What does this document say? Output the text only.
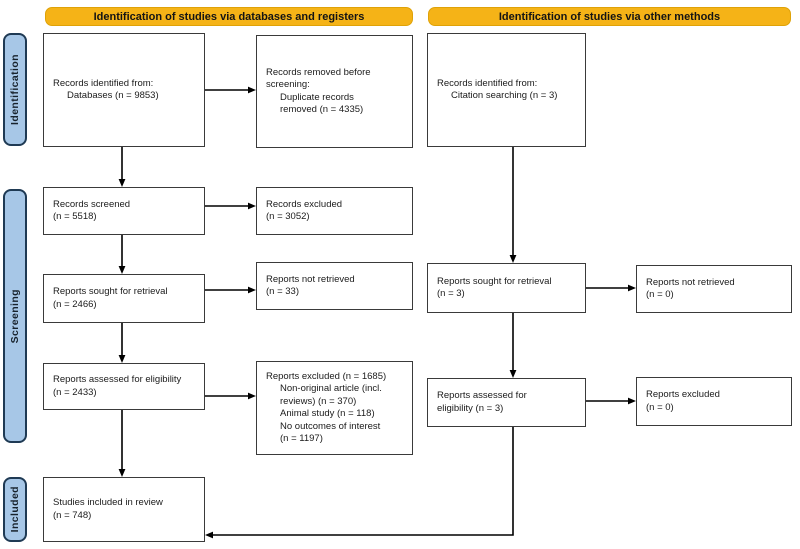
Identification of studies via databases and registers	Identification of studies via other methods
Identification
Screening
Included
Records identified from:
Databases (n = 9853)
Records screened
(n = 5518)
Reports sought for retrieval
(n = 2466)
Reports assessed for eligibility
(n = 2433)
Studies included in review
(n = 748)
Records removed before
screening:
Duplicate records
removed (n = 4335)
Records excluded
(n = 3052)
Reports not retrieved
(n = 33)
Reports excluded (n = 1685)
Non-original article (incl.
reviews) (n = 370)
Animal study (n = 118)
No outcomes of interest
(n = 1197)
Records identified from:
Citation searching (n = 3)
Reports sought for retrieval
(n = 3)
Reports assessed for
eligibility (n = 3)
Reports not retrieved
(n = 0)
Reports excluded
(n = 0)
